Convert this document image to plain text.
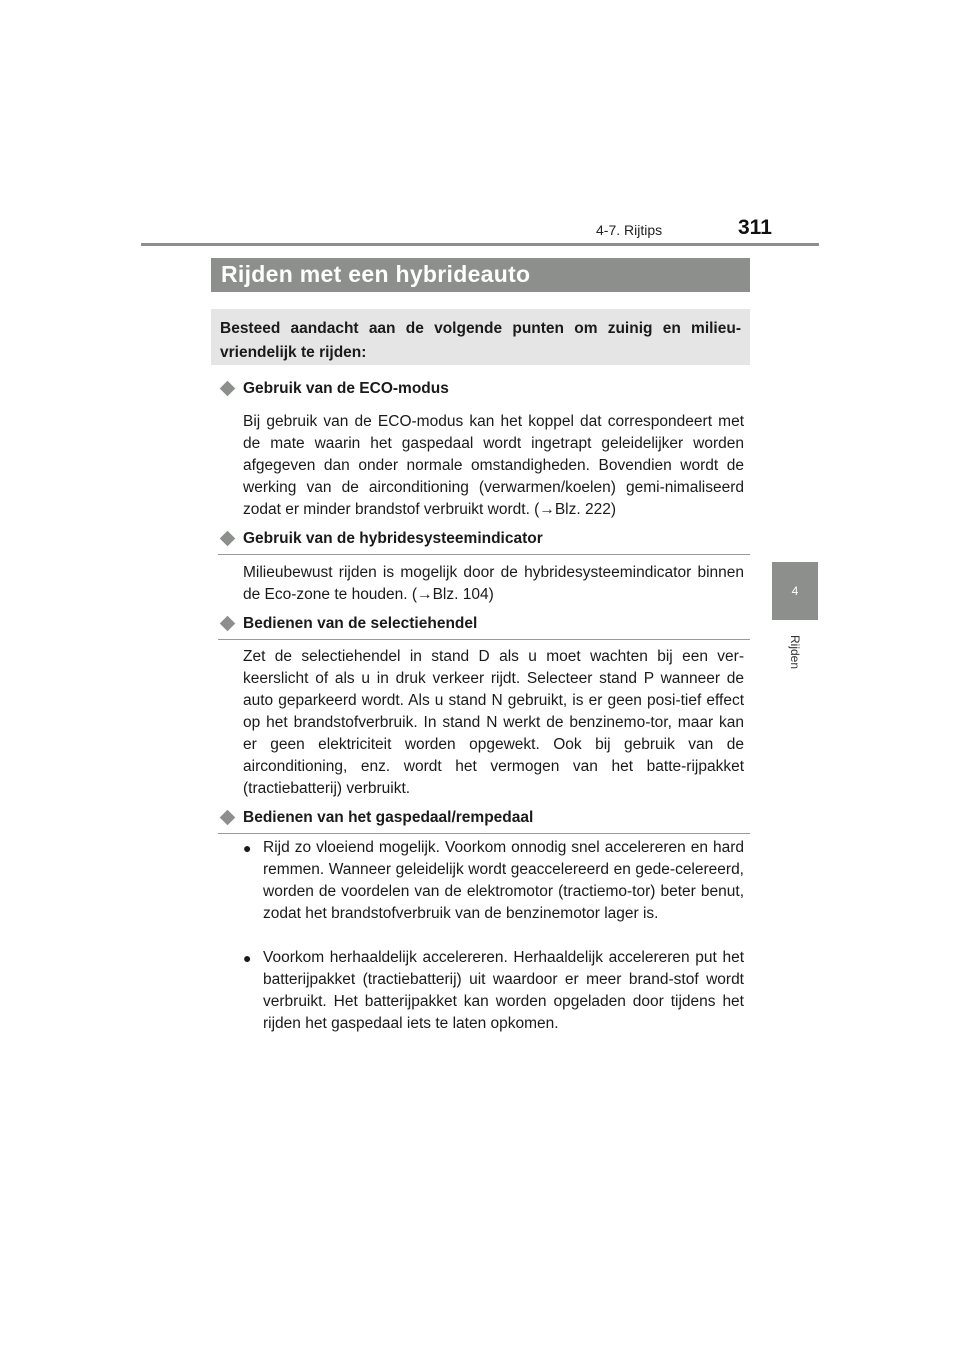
4-7. Rijtips	311
4
Rijden
Rijden met een hybrideauto
Besteed aandacht aan de volgende punten om zuinig en milieu-vriendelijk te rijden:
Gebruik van de ECO-modus
Bij gebruik van de ECO-modus kan het koppel dat correspondeert met de mate waarin het gaspedaal wordt ingetrapt geleidelijker worden afgegeven dan onder normale omstandigheden. Bovendien wordt de werking van de airconditioning (verwarmen/koelen) gemi-nimaliseerd zodat er minder brandstof verbruikt wordt. (→Blz. 222)
Gebruik van de hybridesysteemindicator
Milieubewust rijden is mogelijk door de hybridesysteemindicator binnen de Eco-zone te houden. (→Blz. 104)
Bedienen van de selectiehendel
Zet de selectiehendel in stand D als u moet wachten bij een ver-keerslicht of als u in druk verkeer rijdt. Selecteer stand P wanneer de auto geparkeerd wordt. Als u stand N gebruikt, is er geen posi-tief effect op het brandstofverbruik. In stand N werkt de benzinemo-tor, maar kan er geen elektriciteit worden opgewekt. Ook bij gebruik van de airconditioning, enz. wordt het vermogen van het batte-rijpakket (tractiebatterij) verbruikt.
Bedienen van het gaspedaal/rempedaal
● Rijd zo vloeiend mogelijk. Voorkom onnodig snel accelereren en hard remmen. Wanneer geleidelijk wordt geaccelereerd en gede-celereerd, worden de voordelen van de elektromotor (tractiemo-tor) beter benut, zodat het brandstofverbruik van de benzinemotor lager is.
● Voorkom herhaaldelijk accelereren. Herhaaldelijk accelereren put het batterijpakket (tractiebatterij) uit waardoor er meer brand-stof wordt verbruikt. Het batterijpakket kan worden opgeladen door tijdens het rijden het gaspedaal iets te laten opkomen.
